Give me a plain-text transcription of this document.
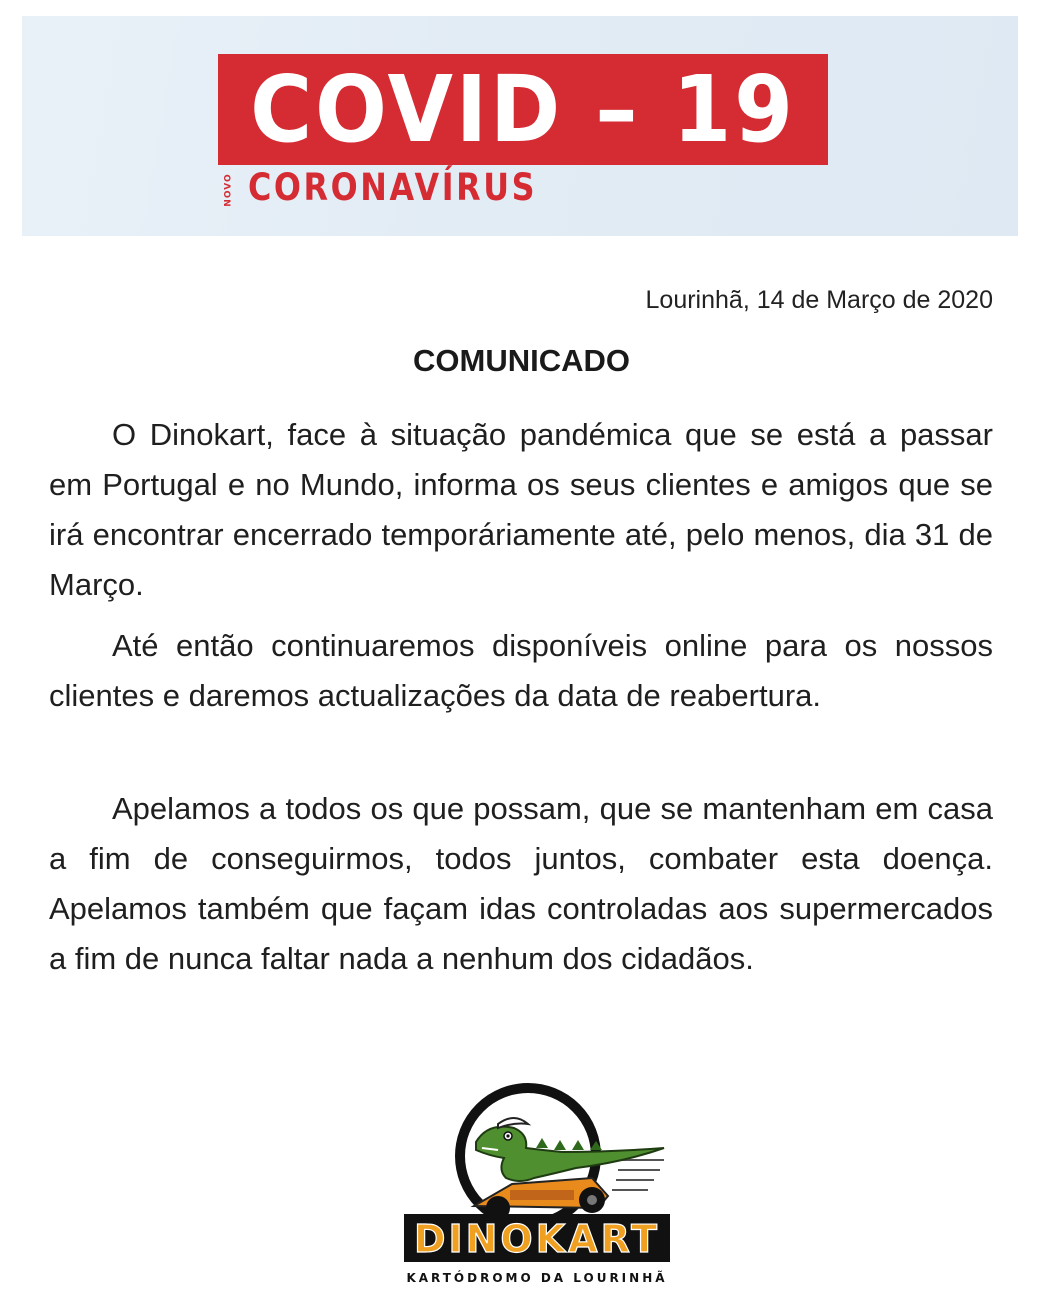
COVID – 19
NOVO CORONAVÍRUS
Lourinhã, 14 de Março de 2020
COMUNICADO

O Dinokart, face à situação pandémica que se está a passar em Portugal e no Mundo, informa os seus clientes e amigos que se irá encontrar encerrado temporáriamente até, pelo menos, dia 31 de Março.

Até então continuaremos disponíveis online para os nossos clientes e daremos actualizações da data de reabertura.

Apelamos a todos os que possam, que se mantenham em casa a fim de conseguirmos, todos juntos, combater esta doença. Apelamos também que façam idas controladas aos supermercados a fim de nunca faltar nada a nenhum dos cidadãos.

DINOKART
KARTÓDROMO DA LOURINHÃ
